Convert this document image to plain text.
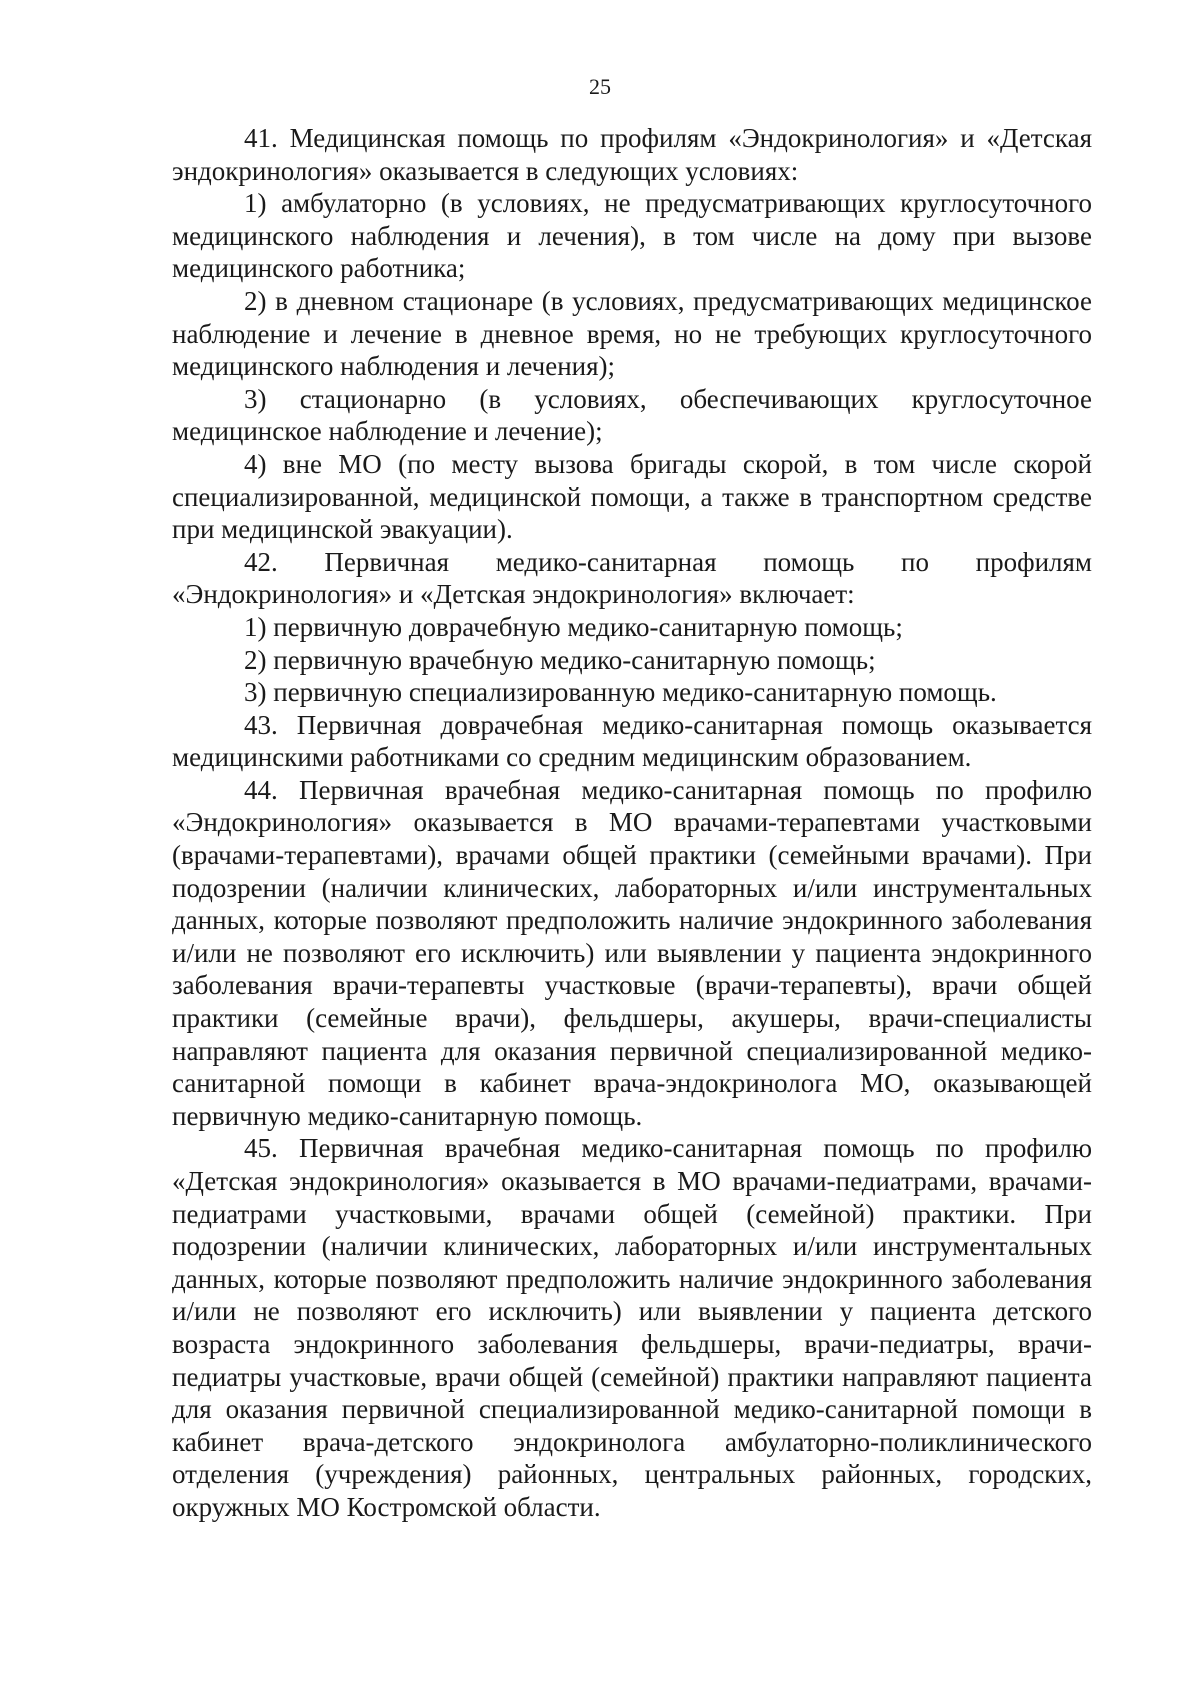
25

41. Медицинская помощь по профилям «Эндокринология» и «Детская эндокринология» оказывается в следующих условиях:

1) амбулаторно (в условиях, не предусматривающих круглосуточного медицинского наблюдения и лечения), в том числе на дому при вызове медицинского работника;

2) в дневном стационаре (в условиях, предусматривающих медицинское наблюдение и лечение в дневное время, но не требующих круглосуточного медицинского наблюдения и лечения);

3) стационарно (в условиях, обеспечивающих круглосуточное медицинское наблюдение и лечение);

4) вне МО (по месту вызова бригады скорой, в том числе скорой специализированной, медицинской помощи, а также в транспортном средстве при медицинской эвакуации).

42. Первичная медико-санитарная помощь по профилям «Эндокринология» и «Детская эндокринология» включает:

1) первичную доврачебную медико-санитарную помощь;

2) первичную врачебную медико-санитарную помощь;

3) первичную специализированную медико-санитарную помощь.

43. Первичная доврачебная медико-санитарная помощь оказывается медицинскими работниками со средним медицинским образованием.

44. Первичная врачебная медико-санитарная помощь по профилю «Эндокринология» оказывается в МО врачами-терапевтами участковыми (врачами-терапевтами), врачами общей практики (семейными врачами). При подозрении (наличии клинических, лабораторных и/или инструментальных данных, которые позволяют предположить наличие эндокринного заболевания и/или не позволяют его исключить) или выявлении у пациента эндокринного заболевания врачи-терапевты участковые (врачи-терапевты), врачи общей практики (семейные врачи), фельдшеры, акушеры, врачи-специалисты направляют пациента для оказания первичной специализированной медико-санитарной помощи в кабинет врача-эндокринолога МО, оказывающей первичную медико-санитарную помощь.

45. Первичная врачебная медико-санитарная помощь по профилю «Детская эндокринология» оказывается в МО врачами-педиатрами, врачами-педиатрами участковыми, врачами общей (семейной) практики. При подозрении (наличии клинических, лабораторных и/или инструментальных данных, которые позволяют предположить наличие эндокринного заболевания и/или не позволяют его исключить) или выявлении у пациента детского возраста эндокринного заболевания фельдшеры, врачи-педиатры, врачи-педиатры участковые, врачи общей (семейной) практики направляют пациента для оказания первичной специализированной медико-санитарной помощи в кабинет врача-детского эндокринолога амбулаторно-поликлинического отделения (учреждения) районных, центральных районных, городских, окружных МО Костромской области.
